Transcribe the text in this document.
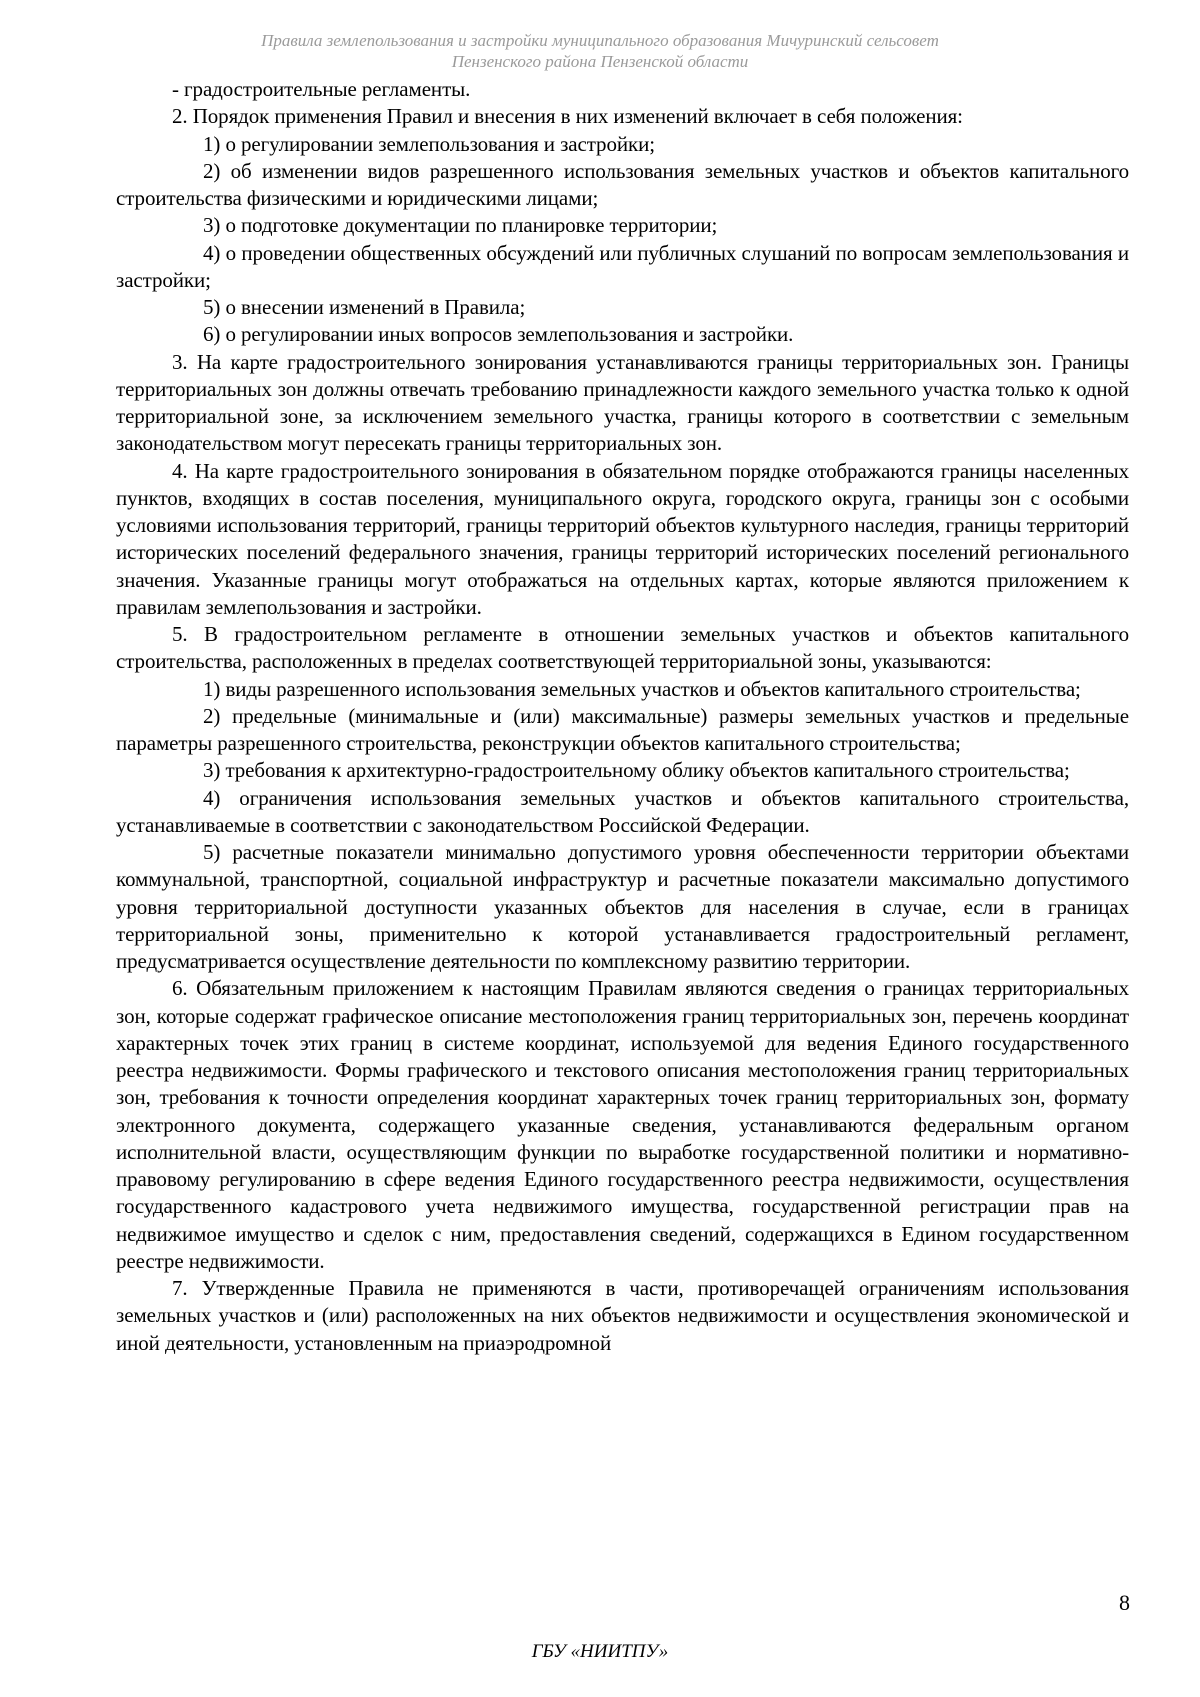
Правила землепользования и застройки муниципального образования Мичуринский сельсовет
Пензенского района Пензенской области

- градостроительные регламенты.

2. Порядок применения Правил и внесения в них изменений включает в себя положения:

1) о регулировании землепользования и застройки;

2) об изменении видов разрешенного использования земельных участков и объектов капитального строительства физическими и юридическими лицами;

3) о подготовке документации по планировке территории;

4) о проведении общественных обсуждений или публичных слушаний по вопросам землепользования и застройки;

5) о внесении изменений в Правила;

6) о регулировании иных вопросов землепользования и застройки.

3. На карте градостроительного зонирования устанавливаются границы территориальных зон. Границы территориальных зон должны отвечать требованию принадлежности каждого земельного участка только к одной территориальной зоне, за исключением земельного участка, границы которого в соответствии с земельным законодательством могут пересекать границы территориальных зон.

4. На карте градостроительного зонирования в обязательном порядке отображаются границы населенных пунктов, входящих в состав поселения, муниципального округа, городского округа, границы зон с особыми условиями использования территорий, границы территорий объектов культурного наследия, границы территорий исторических поселений федерального значения, границы территорий исторических поселений регионального значения. Указанные границы могут отображаться на отдельных картах, которые являются приложением к правилам землепользования и застройки.

5. В градостроительном регламенте в отношении земельных участков и объектов капитального строительства, расположенных в пределах соответствующей территориальной зоны, указываются:

1) виды разрешенного использования земельных участков и объектов капитального строительства;

2) предельные (минимальные и (или) максимальные) размеры земельных участков и предельные параметры разрешенного строительства, реконструкции объектов капитального строительства;

3) требования к архитектурно-градостроительному облику объектов капитального строительства;

4) ограничения использования земельных участков и объектов капитального строительства, устанавливаемые в соответствии с законодательством Российской Федерации.

5) расчетные показатели минимально допустимого уровня обеспеченности территории объектами коммунальной, транспортной, социальной инфраструктур и расчетные показатели максимально допустимого уровня территориальной доступности указанных объектов для населения в случае, если в границах территориальной зоны, применительно к которой устанавливается градостроительный регламент, предусматривается осуществление деятельности по комплексному развитию территории.

6. Обязательным приложением к настоящим Правилам являются сведения о границах территориальных зон, которые содержат графическое описание местоположения границ территориальных зон, перечень координат характерных точек этих границ в системе координат, используемой для ведения Единого государственного реестра недвижимости. Формы графического и текстового описания местоположения границ территориальных зон, требования к точности определения координат характерных точек границ территориальных зон, формату электронного документа, содержащего указанные сведения, устанавливаются федеральным органом исполнительной власти, осуществляющим функции по выработке государственной политики и нормативно-правовому регулированию в сфере ведения Единого государственного реестра недвижимости, осуществления государственного кадастрового учета недвижимого имущества, государственной регистрации прав на недвижимое имущество и сделок с ним, предоставления сведений, содержащихся в Едином государственном реестре недвижимости.

7. Утвержденные Правила не применяются в части, противоречащей ограничениям использования земельных участков и (или) расположенных на них объектов недвижимости и осуществления экономической и иной деятельности, установленным на приаэродромной

8
ГБУ «НИИТПУ»
